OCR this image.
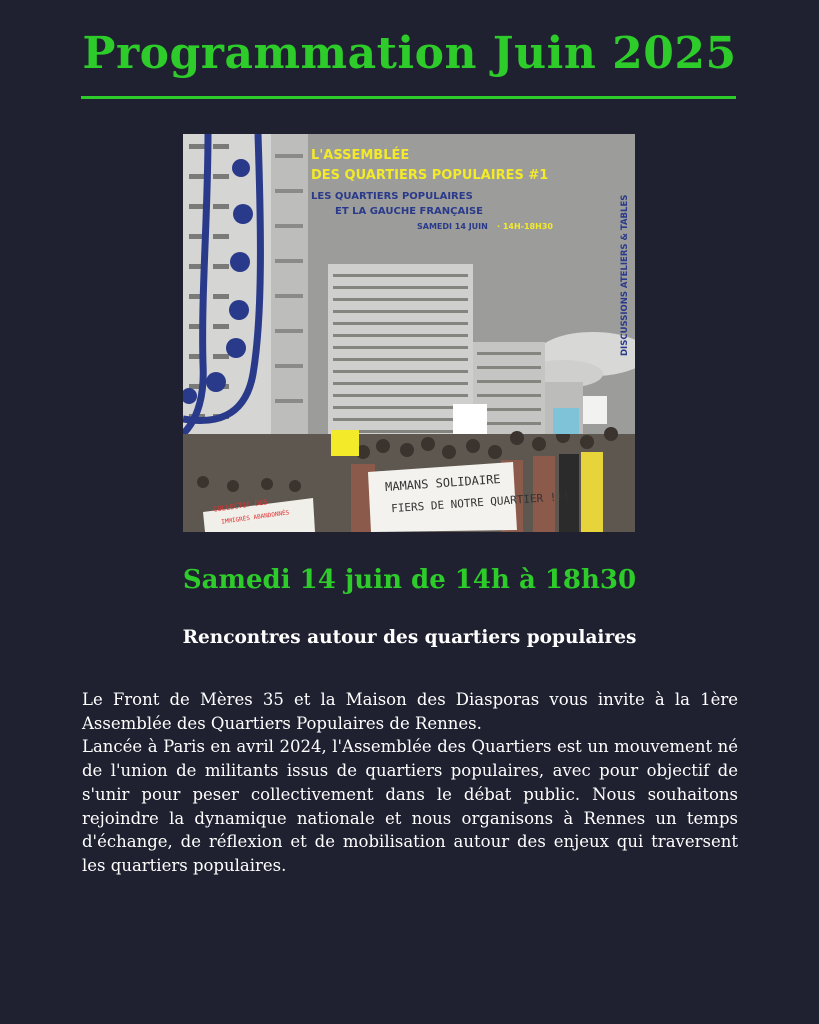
Programmation Juin 2025
L'ASSEMBLÉE
DES QUARTIERS POPULAIRES #1
LES QUARTIERS POPULAIRES
ET LA GAUCHE FRANÇAISE
SAMEDI 14 JUIN · 14H-18H30	DISCUSSIONS ATELIERS & TABLES
MAMANS SOLIDAIRE
FIERS DE NOTRE QUARTIER !!!
COLLECTIF DES
IMMIGRÉS ABANDONNÉS
Samedi 14 juin de 14h à 18h30
Rencontres autour des quartiers populaires

Le Front de Mères 35 et la Maison des Diasporas vous invite à la 1ère Assemblée des Quartiers Populaires de Rennes.

Lancée à Paris en avril 2024, l'Assemblée des Quartiers est un mouvement né de l'union de militants issus de quartiers populaires, avec pour objectif de s'unir pour peser collectivement dans le débat public. Nous souhaitons rejoindre la dynamique nationale et nous organisons à Rennes un temps d'échange, de réflexion et de mobilisation autour des enjeux qui traversent les quartiers populaires.
